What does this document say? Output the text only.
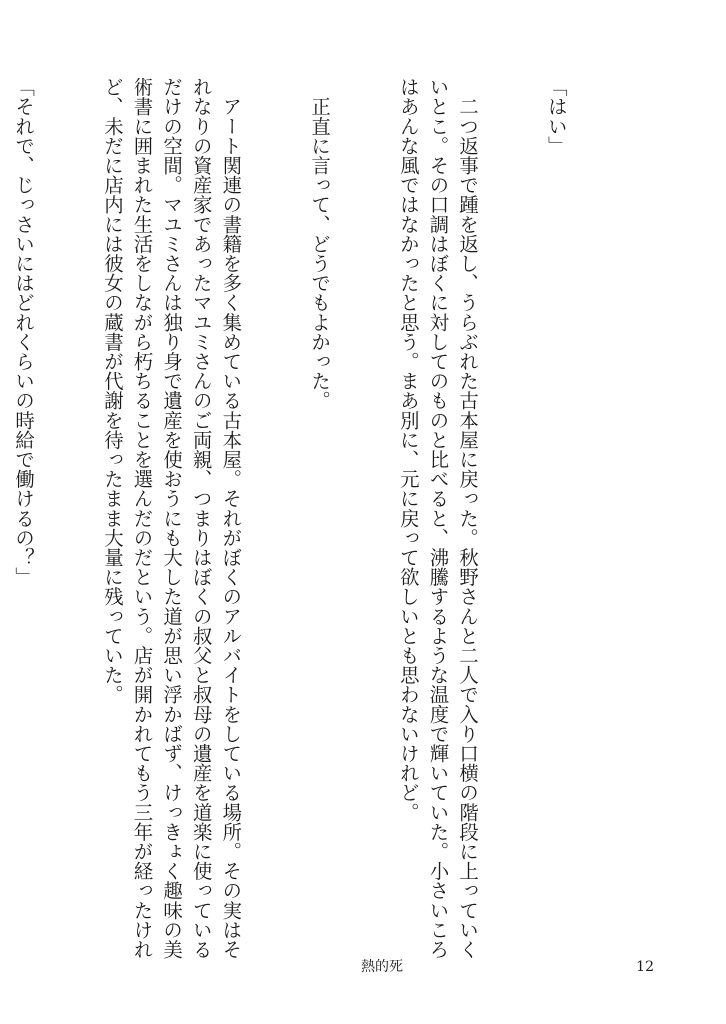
「はい」

　二つ返事で踵を返し、うらぶれた古本屋に戻った。秋野さんと二人で入り口横の階段に上っていく
いとこ。その口調はぼくに対してのものと比べると、沸騰するような温度で輝いていた。小さいころ
はあんな風ではなかったと思う。まあ別に、元に戻って欲しいとも思わないけれど。

　正直に言って、どうでもよかった。

　アート関連の書籍を多く集めている古本屋。それがぼくのアルバイトをしている場所。その実はそ
れなりの資産家であったマユミさんのご両親、つまりはぼくの叔父と叔母の遺産を道楽に使っている
だけの空間。マユミさんは独り身で遺産を使おうにも大した道が思い浮かばず、けっきょく趣味の美
術書に囲まれた生活をしながら朽ちることを選んだのだという。店が開かれてもう三年が経ったけれ
ど、未だに店内には彼女の蔵書が代謝を待ったまま大量に残っていた。

「それで、じっさいにはどれくらいの時給で働けるの？」

熱的死	12
